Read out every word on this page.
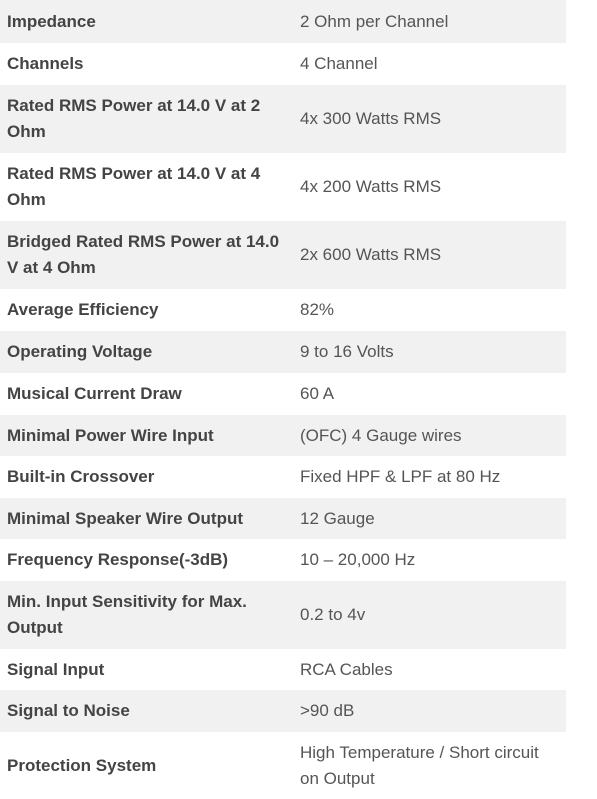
Impedance	2 Ohm per Channel
Channels	4 Channel
Rated RMS Power at 14.0 V at 2 Ohm	4x 300 Watts RMS
Rated RMS Power at 14.0 V at 4 Ohm	4x 200 Watts RMS
Bridged Rated RMS Power at 14.0 V at 4 Ohm	2x 600 Watts RMS
Average Efficiency	82%
Operating Voltage	9 to 16 Volts
Musical Current Draw	60 A
Minimal Power Wire Input	(OFC) 4 Gauge wires
Built-in Crossover	Fixed HPF & LPF at 80 Hz
Minimal Speaker Wire Output	12 Gauge
Frequency Response(-3dB)	10 – 20,000 Hz
Min. Input Sensitivity for Max. Output	0.2 to 4v
Signal Input	RCA Cables
Signal to Noise	>90 dB
Protection System	High Temperature / Short circuit on Output
